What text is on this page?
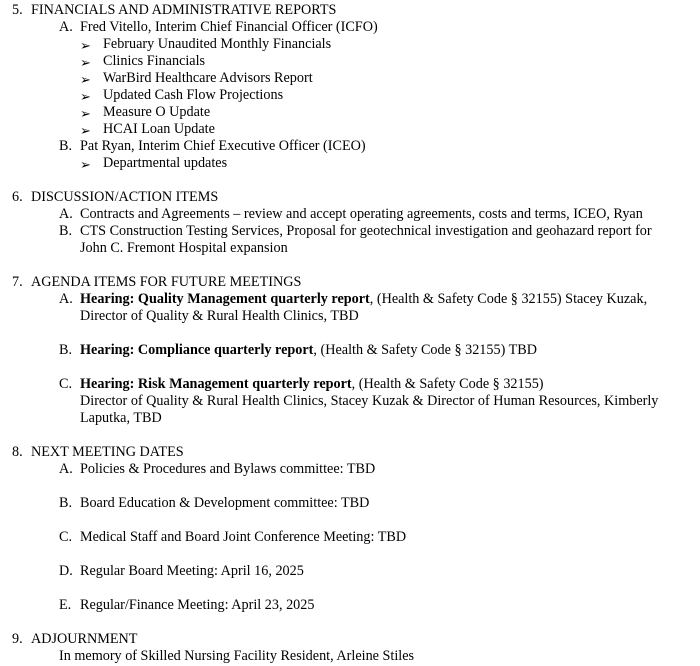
5. FINANCIALS AND ADMINISTRATIVE REPORTS
A. Fred Vitello, Interim Chief Financial Officer (ICFO)
➢ February Unaudited Monthly Financials
➢ Clinics Financials
➢ WarBird Healthcare Advisors Report
➢ Updated Cash Flow Projections
➢ Measure O Update
➢ HCAI Loan Update
B. Pat Ryan, Interim Chief Executive Officer (ICEO)
➢ Departmental updates
6. DISCUSSION/ACTION ITEMS
A. Contracts and Agreements – review and accept operating agreements, costs and terms, ICEO, Ryan
B. CTS Construction Testing Services, Proposal for geotechnical investigation and geohazard report for
John C. Fremont Hospital expansion
7. AGENDA ITEMS FOR FUTURE MEETINGS
A. Hearing: Quality Management quarterly report, (Health & Safety Code § 32155) Stacey Kuzak,
Director of Quality & Rural Health Clinics, TBD
B. Hearing: Compliance quarterly report, (Health & Safety Code § 32155) TBD
C. Hearing: Risk Management quarterly report, (Health & Safety Code § 32155)
Director of Quality & Rural Health Clinics, Stacey Kuzak & Director of Human Resources, Kimberly
Laputka, TBD
8. NEXT MEETING DATES
A. Policies & Procedures and Bylaws committee: TBD
B. Board Education & Development committee: TBD
C. Medical Staff and Board Joint Conference Meeting: TBD
D. Regular Board Meeting: April 16, 2025
E. Regular/Finance Meeting: April 23, 2025
9. ADJOURNMENT
In memory of Skilled Nursing Facility Resident, Arleine Stiles
